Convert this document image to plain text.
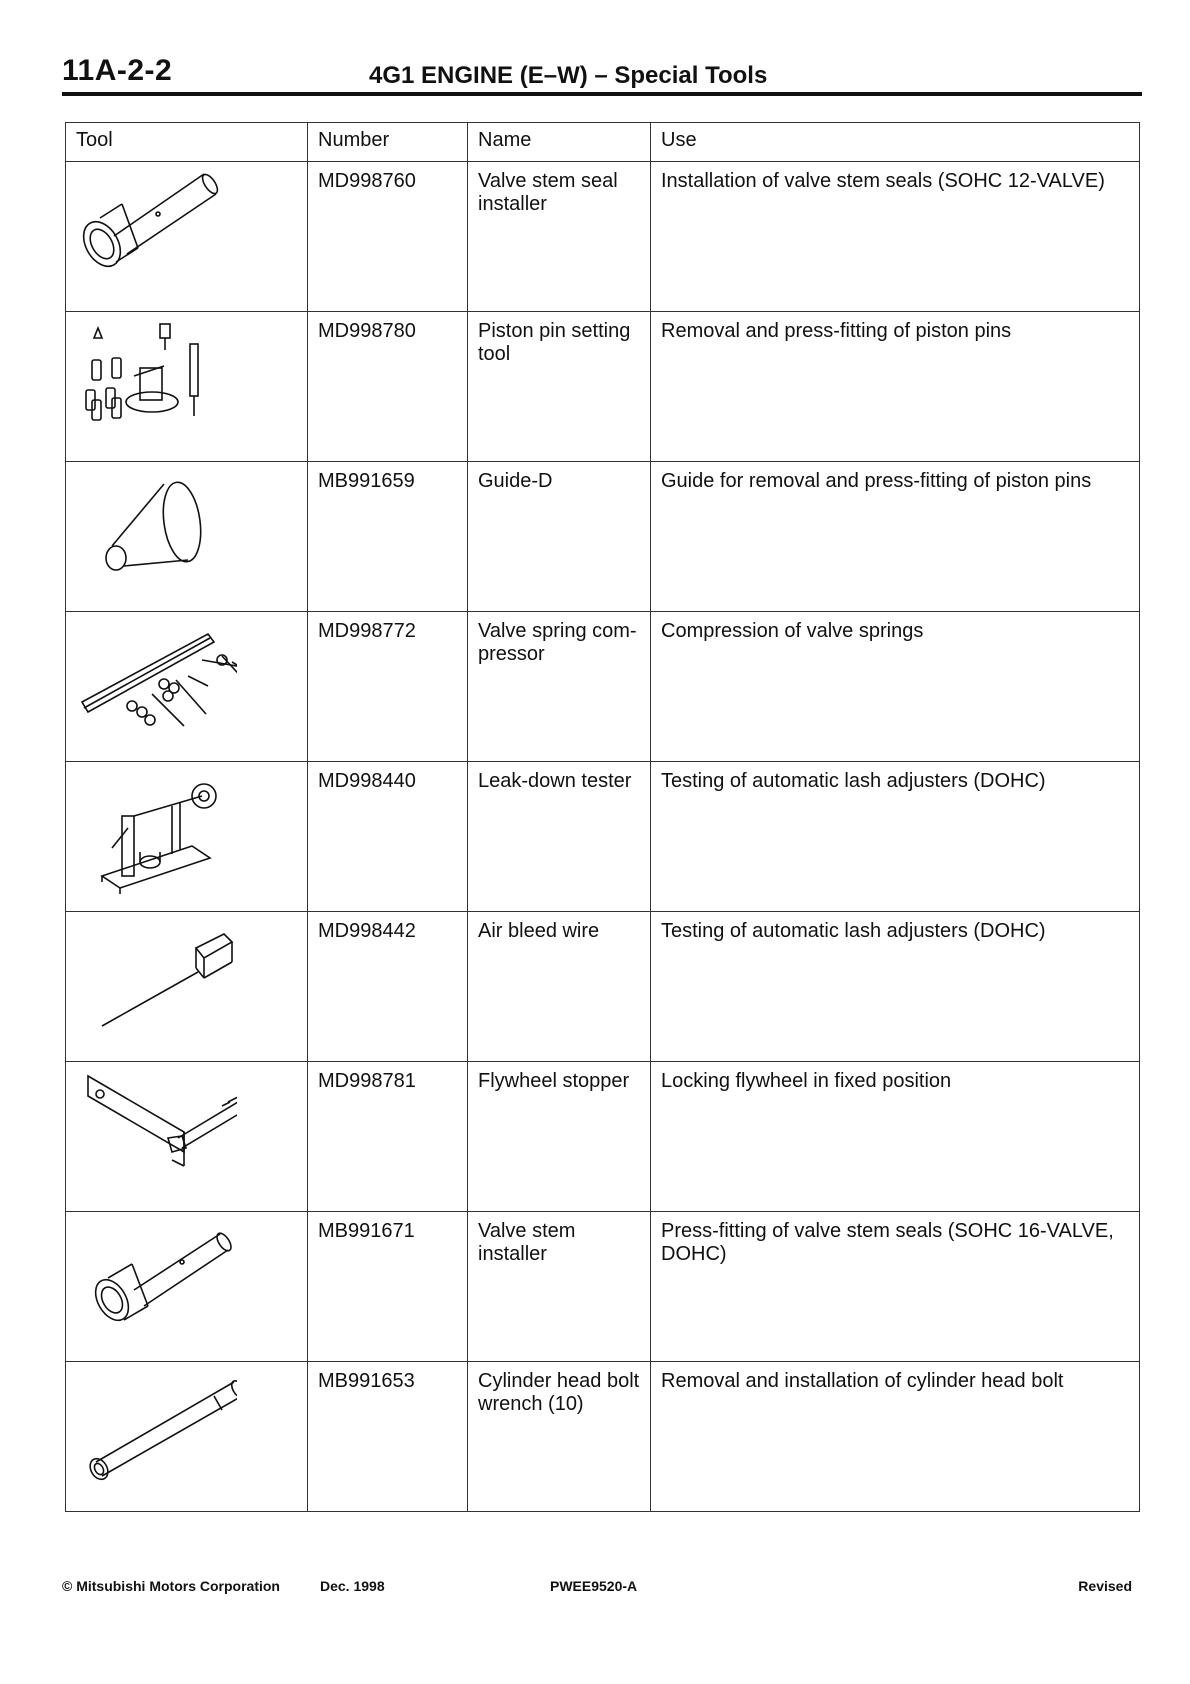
11A-2-2	4G1 ENGINE (E–W) – Special Tools
Tool	Number	Name	Use

	MD998760	Valve stem seal installer	Installation of valve stem seals (SOHC 12-VALVE)

	MD998780	Piston pin setting tool	Removal and press-fitting of piston pins

	MB991659	Guide-D	Guide for removal and press-fitting of piston pins

	MD998772	Valve spring com-pressor	Compression of valve springs

	MD998440	Leak-down tester	Testing of automatic lash adjusters (DOHC)

	MD998442	Air bleed wire	Testing of automatic lash adjusters (DOHC)

	MD998781	Flywheel stopper	Locking flywheel in fixed position

	MB991671	Valve stem installer	Press-fitting of valve stem seals (SOHC 16-VALVE, DOHC)

	MB991653	Cylinder head bolt wrench (10)	Removal and installation of cylinder head bolt
© Mitsubishi Motors Corporation	Dec. 1998	PWEE9520-A	Revised
